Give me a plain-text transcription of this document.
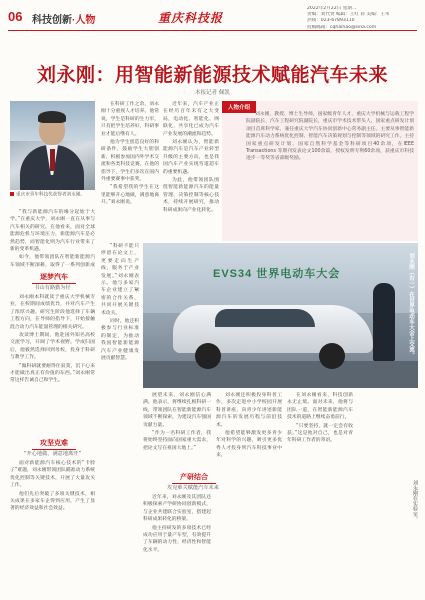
06 科技创新·人物	重庆科技报
2022年2月22日 星期二
责编：刘代贤 编辑：王红 蒋 美编：王苇
热线：023-67893110
投稿邮箱：cqhaihao@sina.com
刘永刚：用智能新能源技术赋能汽车未来
本报记者 佩凯
重庆市青年科技奖获得者刘永刚。

“我与新能源汽车的缘分起始于大学。”在重庆大学，刘永刚一直在从事与汽车相关的研究。在他看来，面对全球能源危机与环境压力，新能源汽车是必然趋势，而智能化则为汽车行业带来了新的变革机遇。

如今，他带领团队在智能新能源汽车领域不断深耕，取得了一系列创新成

逐梦汽车
书山有路勤为径

刘永刚本科就读于重庆大学机械专业，在校期间成绩优异，并对汽车产生了浓厚兴趣。研究生阶段他选择了车辆工程方向，在导师的指导下，开始接触混合动力汽车能量管理的相关研究。

攻读博士期间，他赴国外知名高校交流学习，开阔了学术视野。学成归国后，他毅然选择回到母校，投身于科研与教学工作。

“做科研就要耐得住寂寞，沉下心来才能做出真正有价值的东西。”刘永刚常常这样告诫自己和学生。

攻坚克难
“开心地做，满意地离开”

面对新能源汽车核心技术的“卡脖子”难题，刘永刚带领团队瞄准动力系统优化控制等关键技术，开展了大量攻关工作。

他们先后突破了多项关键技术，相关成果在多家车企得到应用，产生了显著的经济效益和社会效益。

人物介绍

刘永刚，教授、博士生导师，国家级青年人才，重庆大学机械与运载工程学院副院长、汽车工程研究院副院长，重庆市学术技术带头人，国家重点研发计划项目首席科学家，兼任重庆大学汽车协同创新中心常务副主任。主要从事智能新能源汽车动力系统优化控制、智能汽车决策规划与控制等领域的研究工作。主持国家重点研发计划、国家自然科学基金等科研项目40余项，在IEEE Transactions 等期刊发表论文100余篇，授权发明专利60余项，获重庆市科技进步一等奖等省部级奖励。

在科研工作之余，刘永刚十分重视人才培养。他常说，学生是科研的生力军，只有把学生培养好，科研事业才能后继有人。

他为学生创造良好的科研条件，鼓励学生大胆创新，积极参加国内外学术交流和各类科技竞赛。在他的指导下，学生们多次在国内外重要赛事中获奖。

“我希望我的学生在这里能够开心地做，满意地离开。”刘永刚说。

近年来，汽车产业正在经历百年未有之大变局，电动化、智能化、网联化、共享化已成为汽车产业发展的潮流和趋势。

刘永刚认为，智能新能源汽车是汽车产业转型升级的主要方向，也是我国汽车产业实现弯道超车的重要机遇。

为此，他带领团队围绕智能新能源汽车的能量管理、决策控制等核心技术，持续开展研究，推动科研成果向产业化转化。

“科研不能只停留在论文上，更要走向生产线，服务于产业发展。”刘永刚表示。他与多家汽车企业建立了紧密的合作关系，共同开展关键技术攻关。

同时，他还积极参与行业标准的制定，为推动我国智能新能源汽车产业健康发展贡献智慧。

EVS34 世界电动车大会	刘永刚（右一）在世界电动车大会上交流。

展望未来，刘永刚信心满满。他表示，将继续扎根科研一线，带领团队在智能新能源汽车领域不断探索，为建设汽车强国贡献力量。

“作为一名科研工作者，我将始终坚持面向国家重大需求，把论文写在祖国大地上。”

产研结合
攻克难关赋能汽车未来

近年来，刘永刚及其团队还积极探索产学研协同创新模式，与企业共建联合实验室，搭建起科研成果转化的桥梁。

他主持研发的多项技术已经成功应用于量产车型，有效提升了车辆的动力性、经济性和智能化水平。

刘永刚还积极投身科普工作，多次走进中小学校园开展科普讲座，向青少年讲述新能源汽车的发展历程与前沿技术。

他希望能够激发更多青少年对科学的兴趣，吸引更多优秀人才投身到汽车科技事业中来。

在刘永刚看来，科技创新永无止境。面对未来，他将与团队一道，在智能新能源汽车技术的道路上继续奋勇前行。

“只要坚持，就一定会有收获。”这是他对自己，也是对青年科研工作者的寄语。

刘永刚在实验室。
